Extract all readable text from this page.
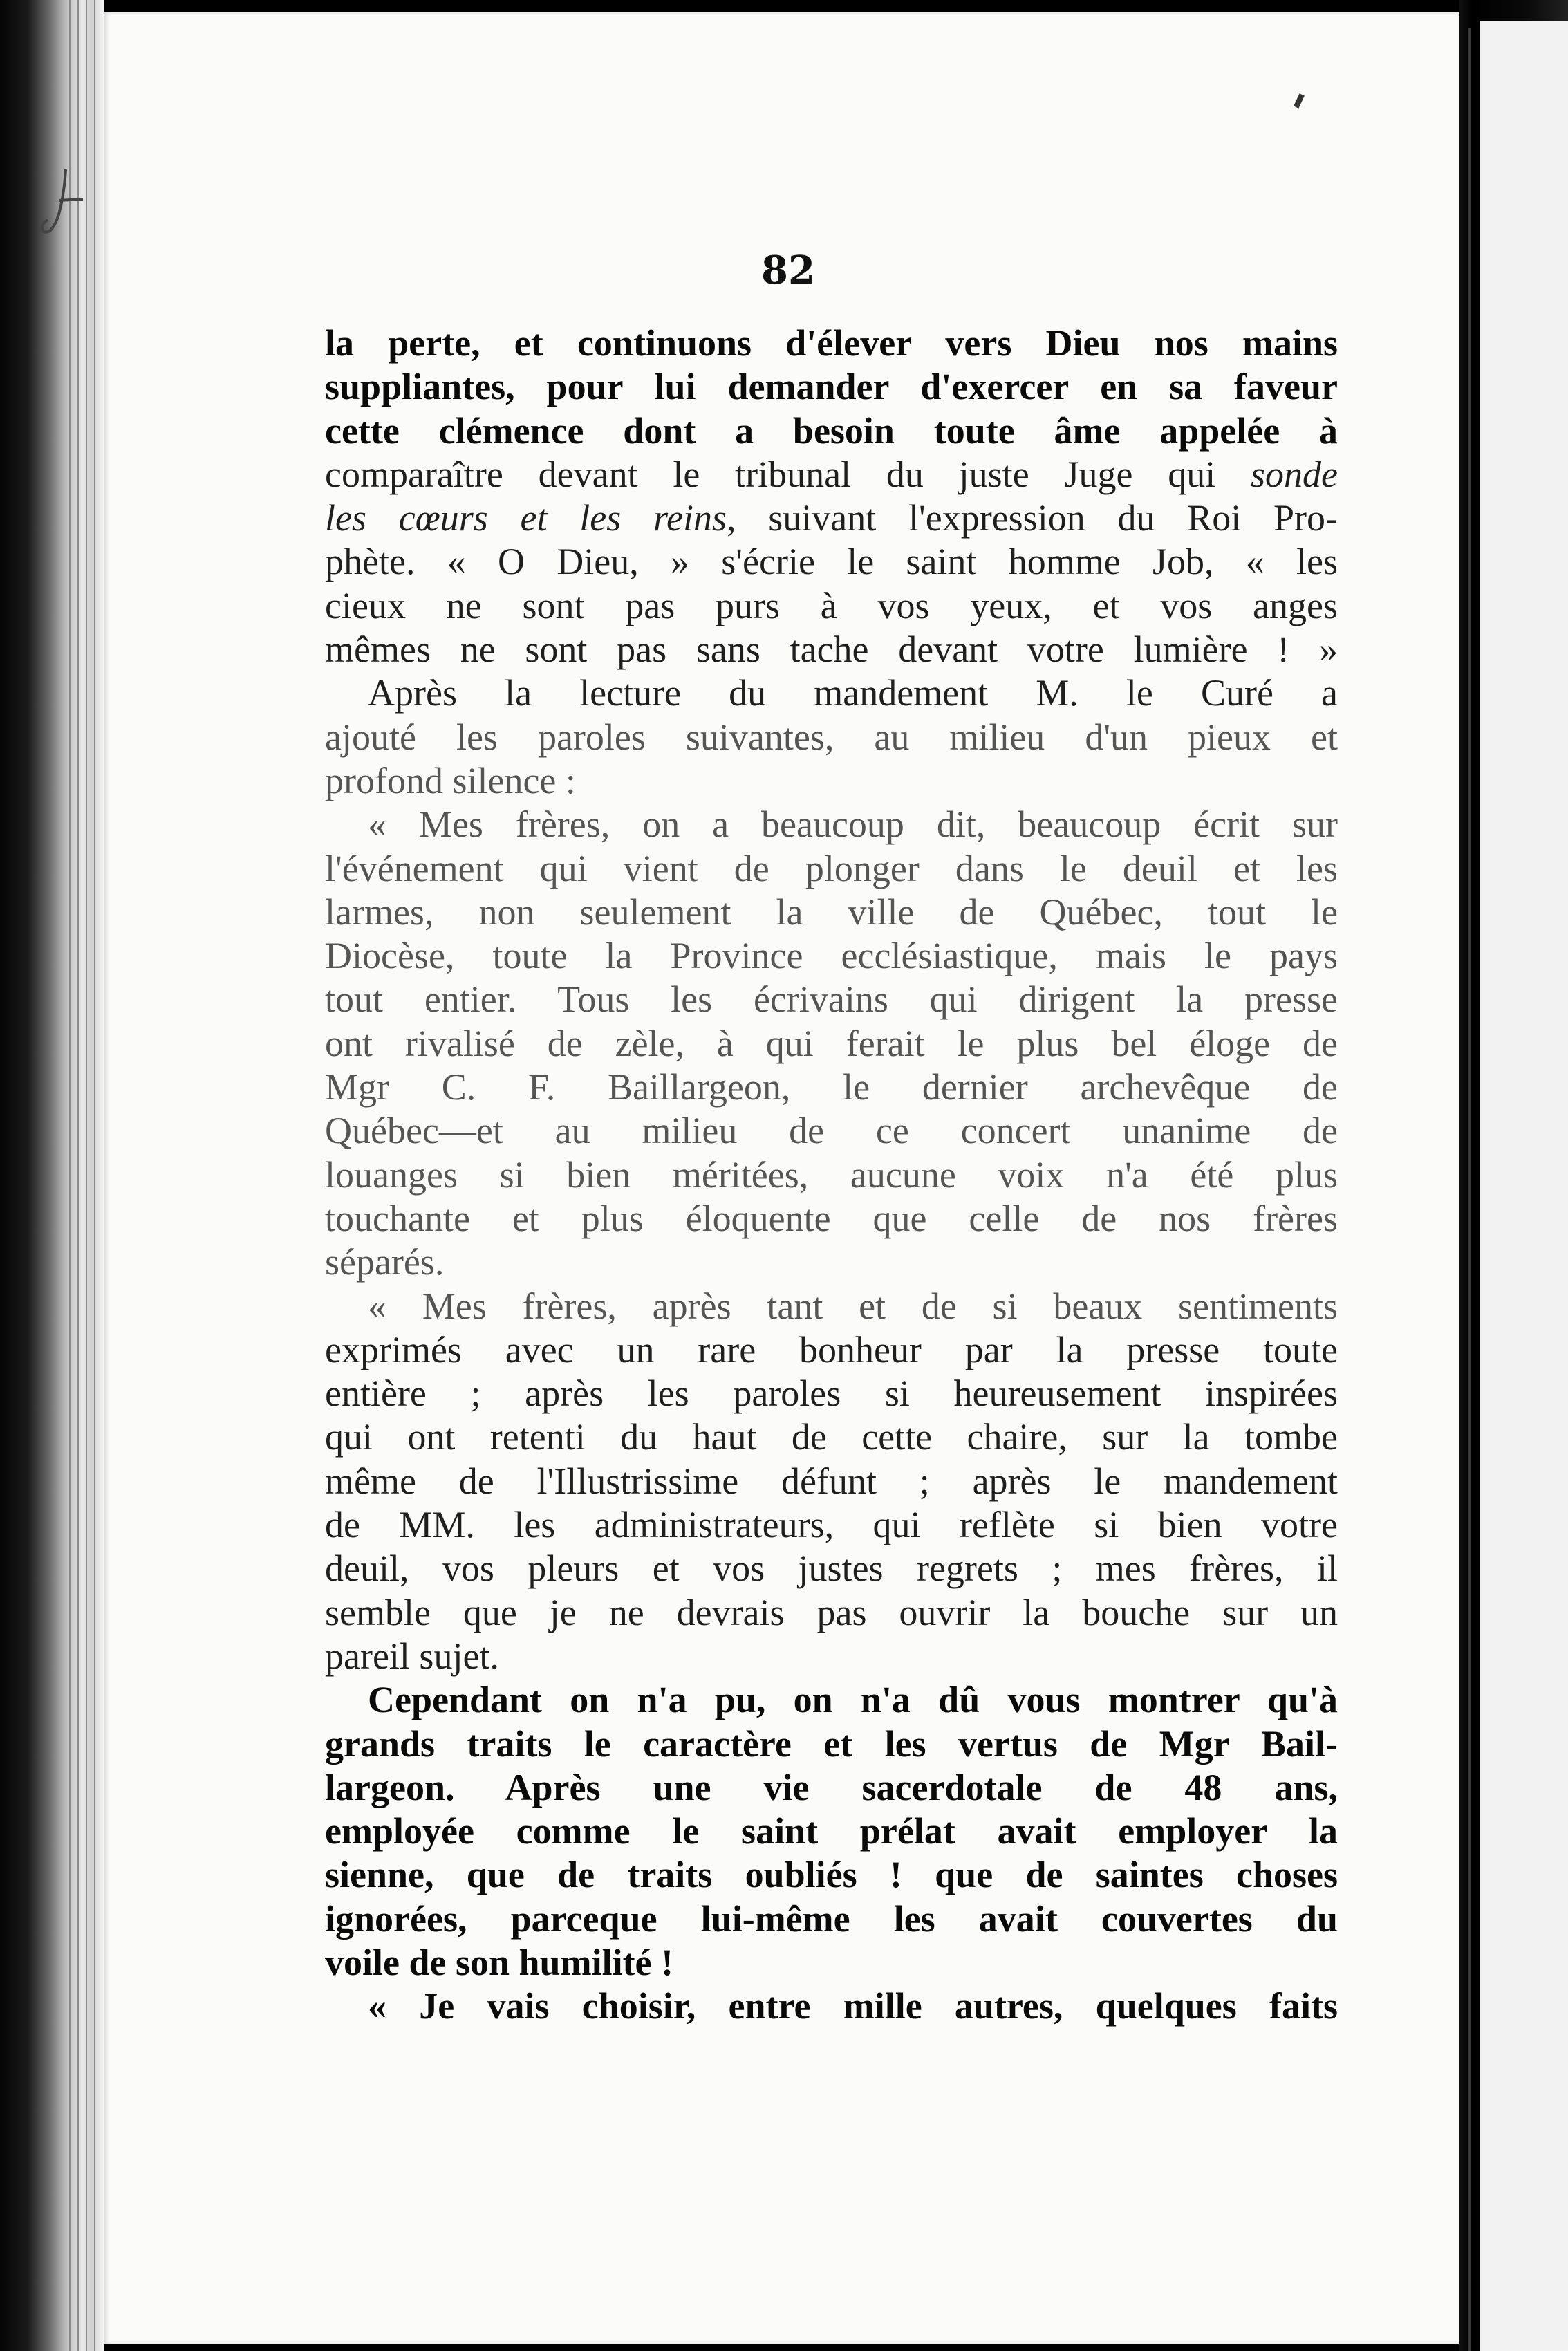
82
la perte, et continuons d'élever vers Dieu nos mains
suppliantes, pour lui demander d'exercer en sa faveur
cette clémence dont a besoin toute âme appelée à
comparaître devant le tribunal du juste Juge qui sonde
les cœurs et les reins, suivant l'expression du Roi Pro-
phète. « O Dieu, » s'écrie le saint homme Job, « les
cieux ne sont pas purs à vos yeux, et vos anges
mêmes ne sont pas sans tache devant votre lumière ! »
Après la lecture du mandement M. le Curé a
ajouté les paroles suivantes, au milieu d'un pieux et
profond silence :
« Mes frères, on a beaucoup dit, beaucoup écrit sur
l'événement qui vient de plonger dans le deuil et les
larmes, non seulement la ville de Québec, tout le
Diocèse, toute la Province ecclésiastique, mais le pays
tout entier. Tous les écrivains qui dirigent la presse
ont rivalisé de zèle, à qui ferait le plus bel éloge de
Mgr C. F. Baillargeon, le dernier archevêque de
Québec—et au milieu de ce concert unanime de
louanges si bien méritées, aucune voix n'a été plus
touchante et plus éloquente que celle de nos frères
séparés.
« Mes frères, après tant et de si beaux sentiments
exprimés avec un rare bonheur par la presse toute
entière ; après les paroles si heureusement inspirées
qui ont retenti du haut de cette chaire, sur la tombe
même de l'Illustrissime défunt ; après le mandement
de MM. les administrateurs, qui reflète si bien votre
deuil, vos pleurs et vos justes regrets ; mes frères, il
semble que je ne devrais pas ouvrir la bouche sur un
pareil sujet.
Cependant on n'a pu, on n'a dû vous montrer qu'à
grands traits le caractère et les vertus de Mgr Bail-
largeon. Après une vie sacerdotale de 48 ans,
employée comme le saint prélat avait employer la
sienne, que de traits oubliés ! que de saintes choses
ignorées, parceque lui-même les avait couvertes du
voile de son humilité !
« Je vais choisir, entre mille autres, quelques faits
